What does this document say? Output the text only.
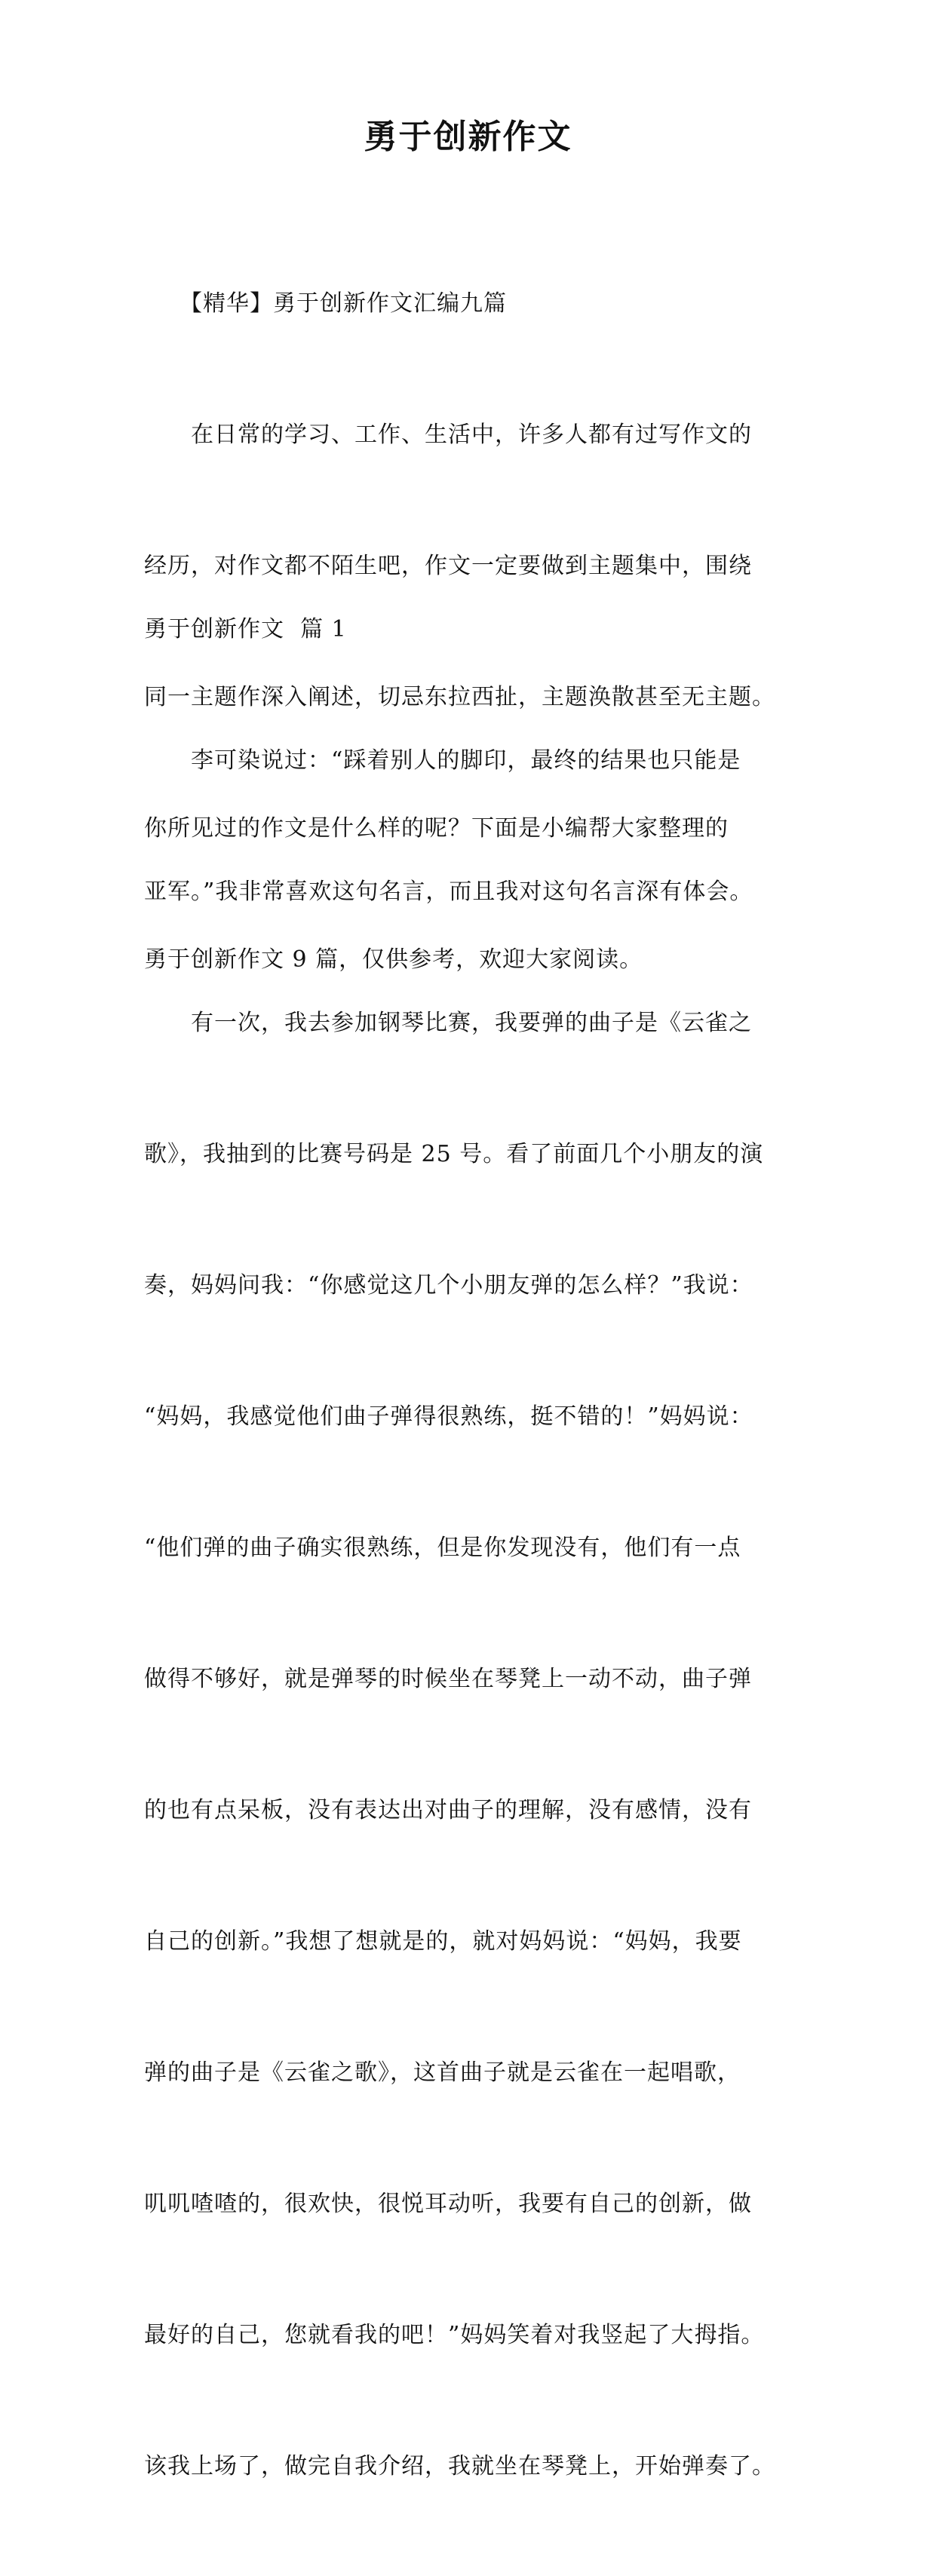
勇于创新作文

　　【精华】勇于创新作文汇编九篇

　　在日常的学习、工作、生活中，许多人都有过写作文的

经历，对作文都不陌生吧，作文一定要做到主题集中，围绕

同一主题作深入阐述，切忌东拉西扯，主题涣散甚至无主题。

你所见过的作文是什么样的呢？下面是小编帮大家整理的

勇于创新作文 9 篇，仅供参考，欢迎大家阅读。

勇于创新作文  篇 1

　　李可染说过：“踩着别人的脚印，最终的结果也只能是

亚军。”我非常喜欢这句名言，而且我对这句名言深有体会。

　　有一次，我去参加钢琴比赛，我要弹的曲子是《云雀之

歌》，我抽到的比赛号码是 25 号。看了前面几个小朋友的演

奏，妈妈问我：“你感觉这几个小朋友弹的怎么样？”我说：

“妈妈，我感觉他们曲子弹得很熟练，挺不错的！”妈妈说：

“他们弹的曲子确实很熟练，但是你发现没有，他们有一点

做得不够好，就是弹琴的时候坐在琴凳上一动不动，曲子弹

的也有点呆板，没有表达出对曲子的理解，没有感情，没有

自己的创新。”我想了想就是的，就对妈妈说：“妈妈，我要

弹的曲子是《云雀之歌》，这首曲子就是云雀在一起唱歌，

叽叽喳喳的，很欢快，很悦耳动听，我要有自己的创新，做

最好的自己，您就看我的吧！”妈妈笑着对我竖起了大拇指。

该我上场了，做完自我介绍，我就坐在琴凳上，开始弹奏了。
